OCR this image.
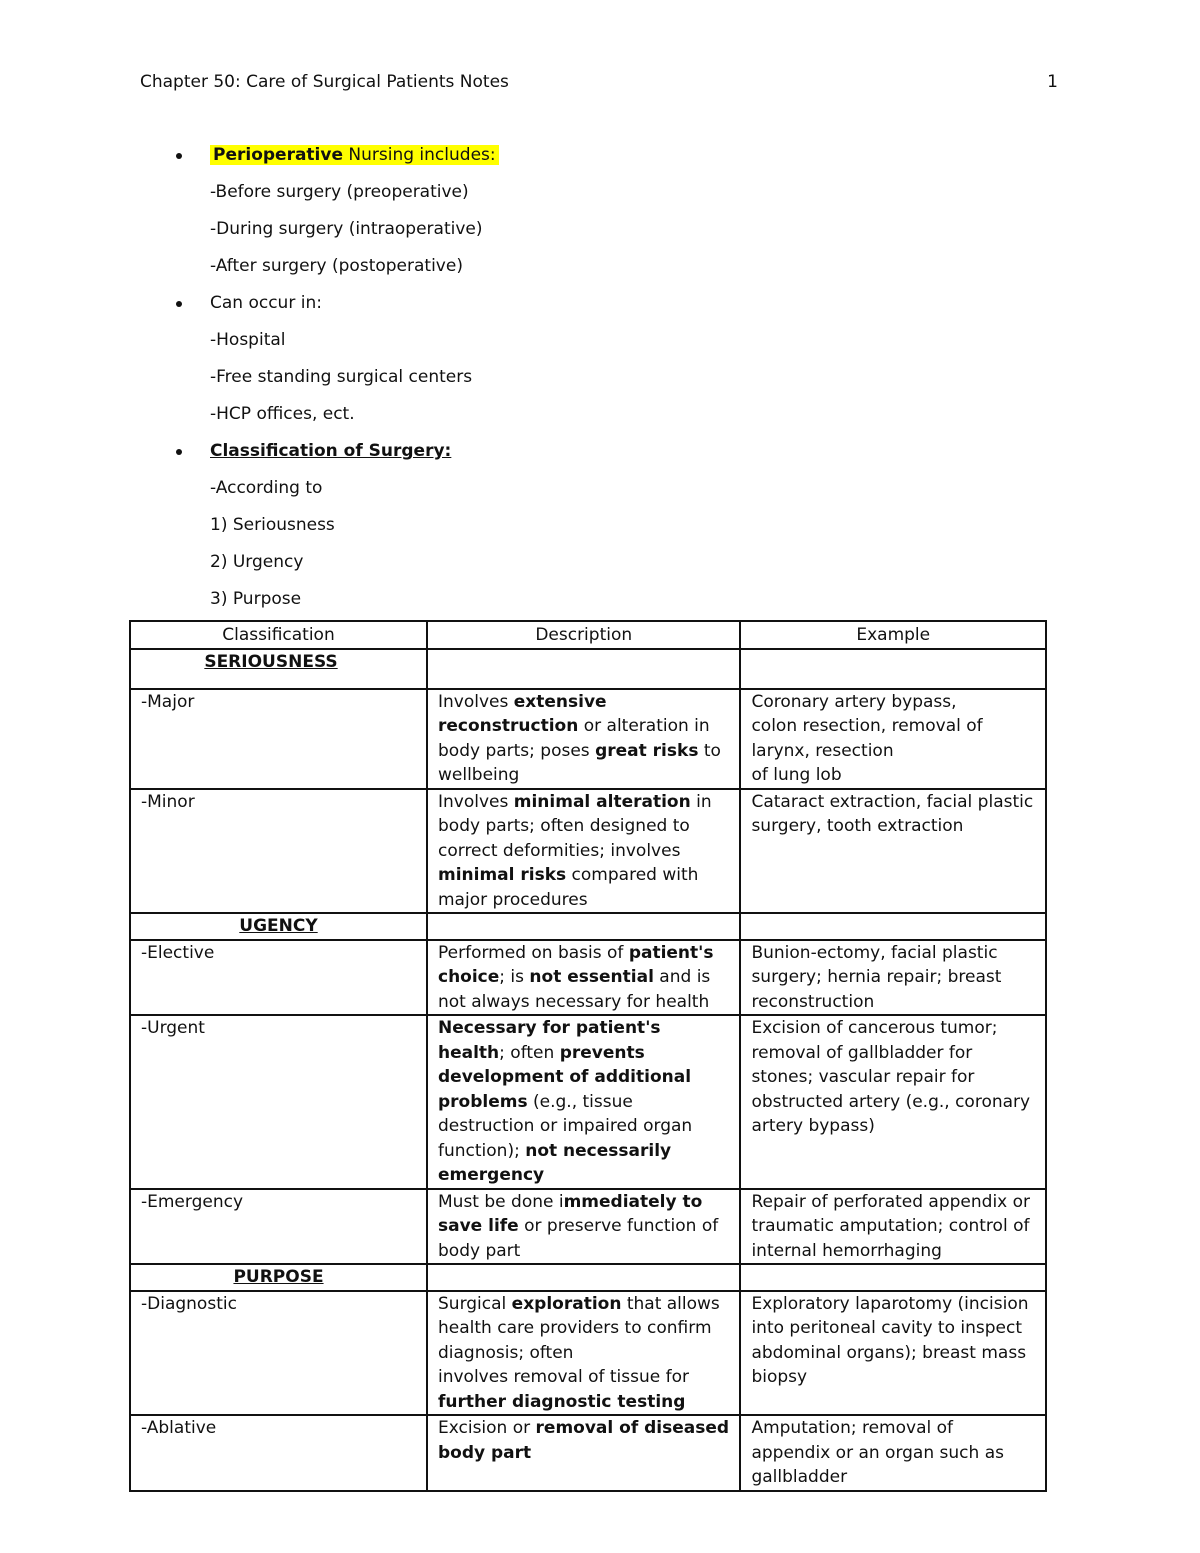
Chapter 50: Care of Surgical Patients Notes	1
Perioperative Nursing includes:
-Before surgery (preoperative)
-During surgery (intraoperative)
-After surgery (postoperative)
Can occur in:
-Hospital
-Free standing surgical centers
-HCP offices, ect.
Classification of Surgery:
-According to
1) Seriousness
2) Urgency
3) Purpose
Classification	Description	Example

SERIOUSNESS		

-Major	Involves extensive reconstruction or alteration in body parts; poses great risks to wellbeing	Coronary artery bypass, colon resection, removal of larynx, resection
of lung lob

-Minor	Involves minimal alteration in body parts; often designed to correct deformities; involves minimal risks compared with major procedures	Cataract extraction, facial plastic surgery, tooth extraction

UGENCY		

-Elective	Performed on basis of patient's choice; is not essential and is not always necessary for health	Bunion-ectomy, facial plastic surgery; hernia repair; breast reconstruction
-Urgent	Necessary for patient's health; often prevents development of additional problems (e.g., tissue destruction or impaired organ function); not necessarily emergency	Excision of cancerous tumor; removal of gallbladder for stones; vascular repair for obstructed artery (e.g., coronary artery bypass)
-Emergency	Must be done immediately to save life or preserve function of body part	Repair of perforated appendix or traumatic amputation; control of internal hemorrhaging

PURPOSE		

-Diagnostic	Surgical exploration that allows health care providers to confirm diagnosis; often
involves removal of tissue for
further diagnostic testing	Exploratory laparotomy (incision into peritoneal cavity to inspect abdominal organs); breast mass biopsy
-Ablative	Excision or removal of diseased body part	Amputation; removal of appendix or an organ such as gallbladder
